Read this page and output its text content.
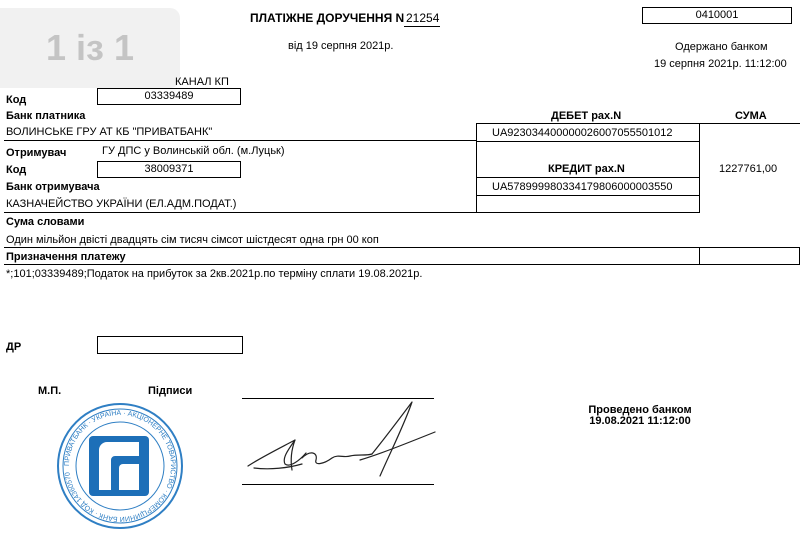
1 із 1
ПЛАТІЖНЕ ДОРУЧЕННЯ N 21254
від 19 серпня 2021р.
0410001
Одержано банком
19 серпня 2021р. 11:12:00
КАНАЛ КП
Код	03339489
Банк платника
ВОЛИНСЬКЕ ГРУ АТ КБ "ПРИВАТБАНК"
ДЕБЕТ рах.N	СУМА
UA923034400000026007055501012
1227761,00
КРЕДИТ рах.N
UA578999980334179806000003550
Отримувач	ГУ ДПС у Волинській обл. (м.Луцьк)
Код	38009371
Банк отримувача
КАЗНАЧЕЙСТВО УКРАЇНИ (ЕЛ.АДМ.ПОДАТ.)
Сума словами
Один мільйон двісті двадцять сім тисяч сімсот шістдесят одна грн 00 коп
Призначення платежу
*;101;03339489;Податок на прибуток за 2кв.2021р.по терміну сплати 19.08.2021р.
ДР
М.П.	Підписи
Проведено банком
19.08.2021 11:12:00
ПРИВАТБАНК · УКРАЇНА · АКЦІОНЕРНЕ ТОВАРИСТВО · КОМЕРЦІЙНИЙ БАНК · КОД 14360570
